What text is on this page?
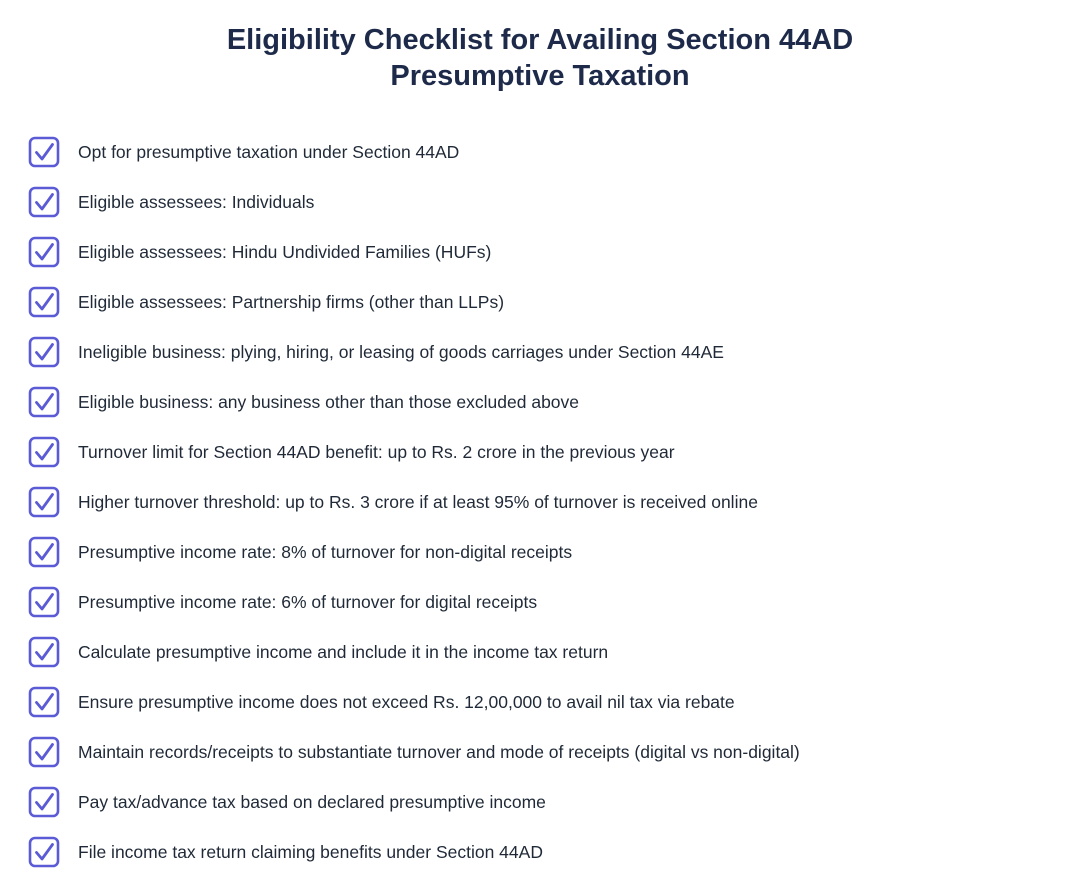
Eligibility Checklist for Availing Section 44AD
Presumptive Taxation
Opt for presumptive taxation under Section 44AD
Eligible assessees: Individuals
Eligible assessees: Hindu Undivided Families (HUFs)
Eligible assessees: Partnership firms (other than LLPs)
Ineligible business: plying, hiring, or leasing of goods carriages under Section 44AE
Eligible business: any business other than those excluded above
Turnover limit for Section 44AD benefit: up to Rs. 2 crore in the previous year
Higher turnover threshold: up to Rs. 3 crore if at least 95% of turnover is received online
Presumptive income rate: 8% of turnover for non-digital receipts
Presumptive income rate: 6% of turnover for digital receipts
Calculate presumptive income and include it in the income tax return
Ensure presumptive income does not exceed Rs. 12,00,000 to avail nil tax via rebate
Maintain records/receipts to substantiate turnover and mode of receipts (digital vs non-digital)
Pay tax/advance tax based on declared presumptive income
File income tax return claiming benefits under Section 44AD
